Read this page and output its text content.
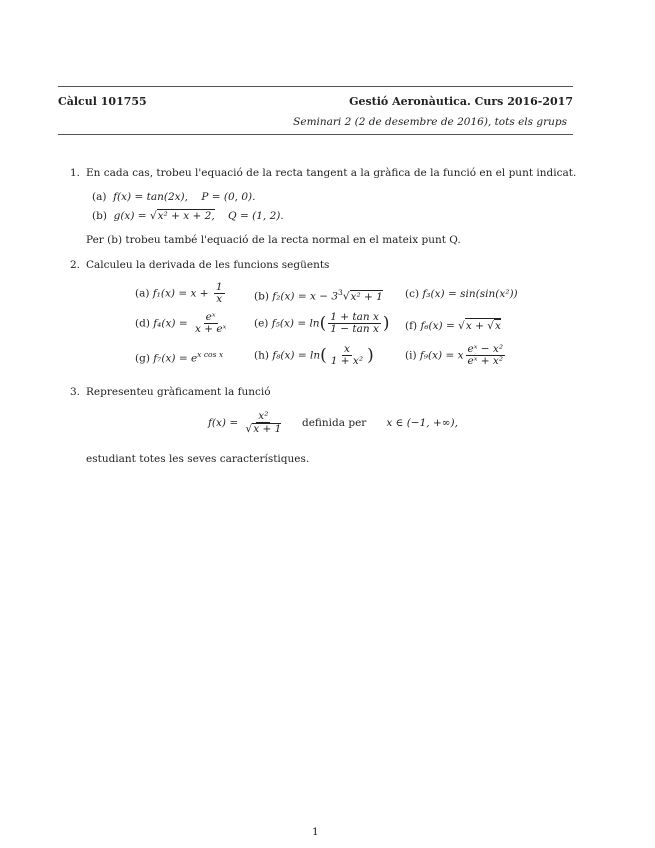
Càlcul 101755	Gestió Aeronàutica. Curs 2016-2017
Seminari 2 (2 de desembre de 2016), tots els grups
1. En cada cas, trobeu l'equació de la recta tangent a la gràfica de la funció en el punt indicat.
(a) f(x) = tan(2x), P = (0, 0).
(b) g(x) = √x² + x + 2, Q = (1, 2).
Per (b) trobeu també l'equació de la recta normal en el mateix punt Q.
2. Calculeu la derivada de les funcions següents
(a) $f_1(x) = x + \frac{1}{x}$	(b) $f_2(x) = x - 3^3√x^2 + 1$ (c) f₃(x) = sin(sin(x²))
(d) $f_4(x) = \frac{\text{eˣ}}{\text{x + eˣ}} (e) f_5(x) = \ln( \frac{\text{1 + tan x}}{\text{1 − tan x}}$ ) (f) f₆(x) = √x + √x
(g) $f_7(x) = e^{x cos x}$	(h) $f_8(x) = \ln( \frac{x}{\text{1 + x²}}$ )	(i) f₉(x) = x $\frac{\text{eˣ − x²}}{\text{eˣ + x²}}$
3. Representeu gràficament la funció
$f(x) = \frac{\text{x²}}{√x + 1}$ definida per x ∈ (−1, +∞),
estudiant totes les seves característiques.
1
